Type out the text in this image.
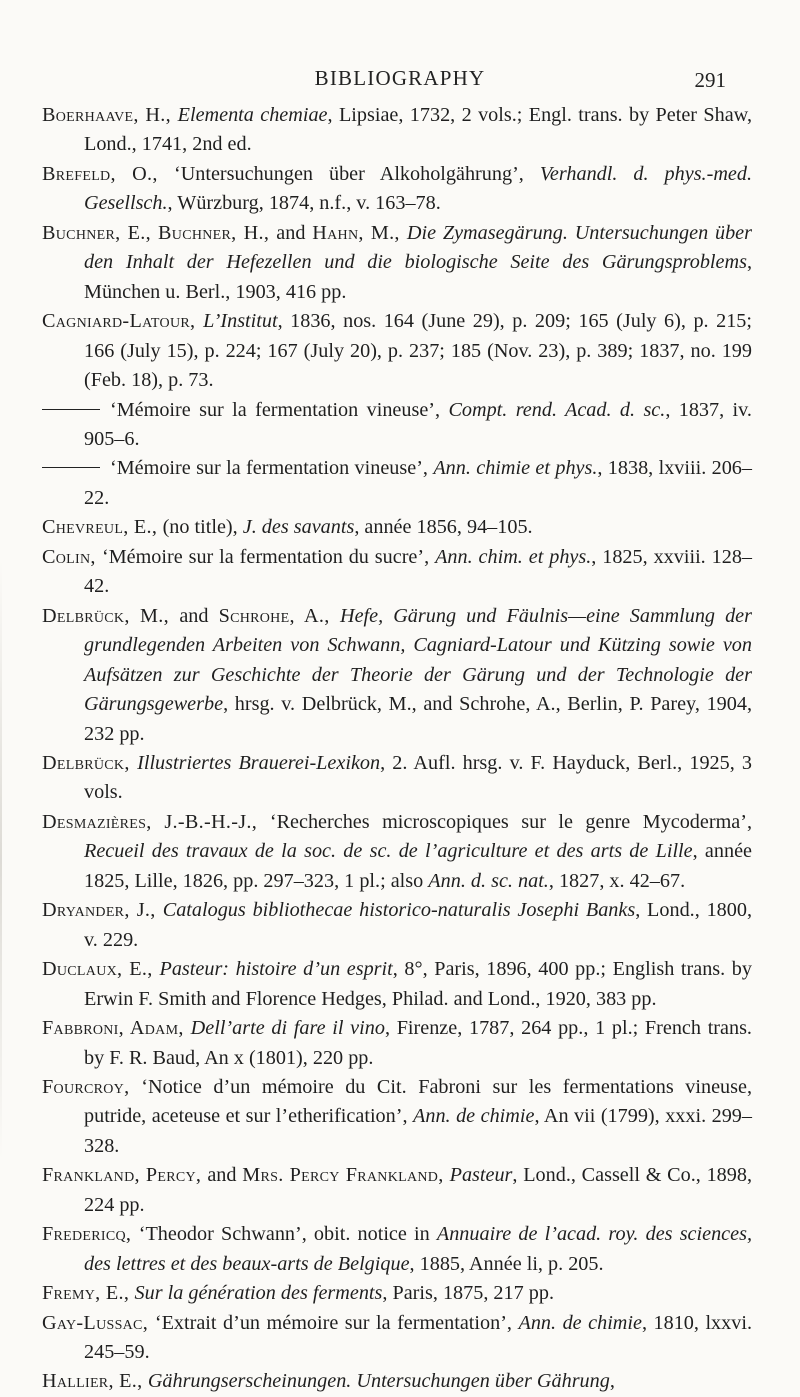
BIBLIOGRAPHY	291

Boerhaave, H., Elementa chemiae, Lipsiae, 1732, 2 vols.; Engl. trans. by Peter Shaw, Lond., 1741, 2nd ed.

Brefeld, O., ‘Untersuchungen über Alkoholgährung’, Verhandl. d. phys.-med. Gesellsch., Würzburg, 1874, n.f., v. 163–78.

Buchner, E., Buchner, H., and Hahn, M., Die Zymasegärung. Untersuchungen über den Inhalt der Hefezellen und die biologische Seite des Gärungsproblems, München u. Berl., 1903, 416 pp.

Cagniard-Latour, L’Institut, 1836, nos. 164 (June 29), p. 209; 165 (July 6), p. 215; 166 (July 15), p. 224; 167 (July 20), p. 237; 185 (Nov. 23), p. 389; 1837, no. 199 (Feb. 18), p. 73.

‘Mémoire sur la fermentation vineuse’, Compt. rend. Acad. d. sc., 1837, iv. 905–6.

‘Mémoire sur la fermentation vineuse’, Ann. chimie et phys., 1838, lxviii. 206–22.

Chevreul, E., (no title), J. des savants, année 1856, 94–105.

Colin, ‘Mémoire sur la fermentation du sucre’, Ann. chim. et phys., 1825, xxviii. 128–42.

Delbrück, M., and Schrohe, A., Hefe, Gärung und Fäulnis—eine Sammlung der grundlegenden Arbeiten von Schwann, Cagniard-Latour und Kützing sowie von Aufsätzen zur Geschichte der Theorie der Gärung und der Technologie der Gärungsgewerbe, hrsg. v. Delbrück, M., and Schrohe, A., Berlin, P. Parey, 1904, 232 pp.

Delbrück, Illustriertes Brauerei-Lexikon, 2. Aufl. hrsg. v. F. Hayduck, Berl., 1925, 3 vols.

Desmazières, J.-B.-H.-J., ‘Recherches microscopiques sur le genre Mycoderma’, Recueil des travaux de la soc. de sc. de l’agriculture et des arts de Lille, année 1825, Lille, 1826, pp. 297–323, 1 pl.; also Ann. d. sc. nat., 1827, x. 42–67.

Dryander, J., Catalogus bibliothecae historico-naturalis Josephi Banks, Lond., 1800, v. 229.

Duclaux, E., Pasteur: histoire d’un esprit, 8°, Paris, 1896, 400 pp.; English trans. by Erwin F. Smith and Florence Hedges, Philad. and Lond., 1920, 383 pp.

Fabbroni, Adam, Dell’arte di fare il vino, Firenze, 1787, 264 pp., 1 pl.; French trans. by F. R. Baud, An x (1801), 220 pp.

Fourcroy, ‘Notice d’un mémoire du Cit. Fabroni sur les fermentations vineuse, putride, aceteuse et sur l’etherification’, Ann. de chimie, An vii (1799), xxxi. 299–328.

Frankland, Percy, and Mrs. Percy Frankland, Pasteur, Lond., Cassell & Co., 1898, 224 pp.

Fredericq, ‘Theodor Schwann’, obit. notice in Annuaire de l’acad. roy. des sciences, des lettres et des beaux-arts de Belgique, 1885, Année li, p. 205.

Fremy, E., Sur la génération des ferments, Paris, 1875, 217 pp.

Gay-Lussac, ‘Extrait d’un mémoire sur la fermentation’, Ann. de chimie, 1810, lxxvi. 245–59.

Hallier, E., Gährungserscheinungen. Untersuchungen über Gährung,
